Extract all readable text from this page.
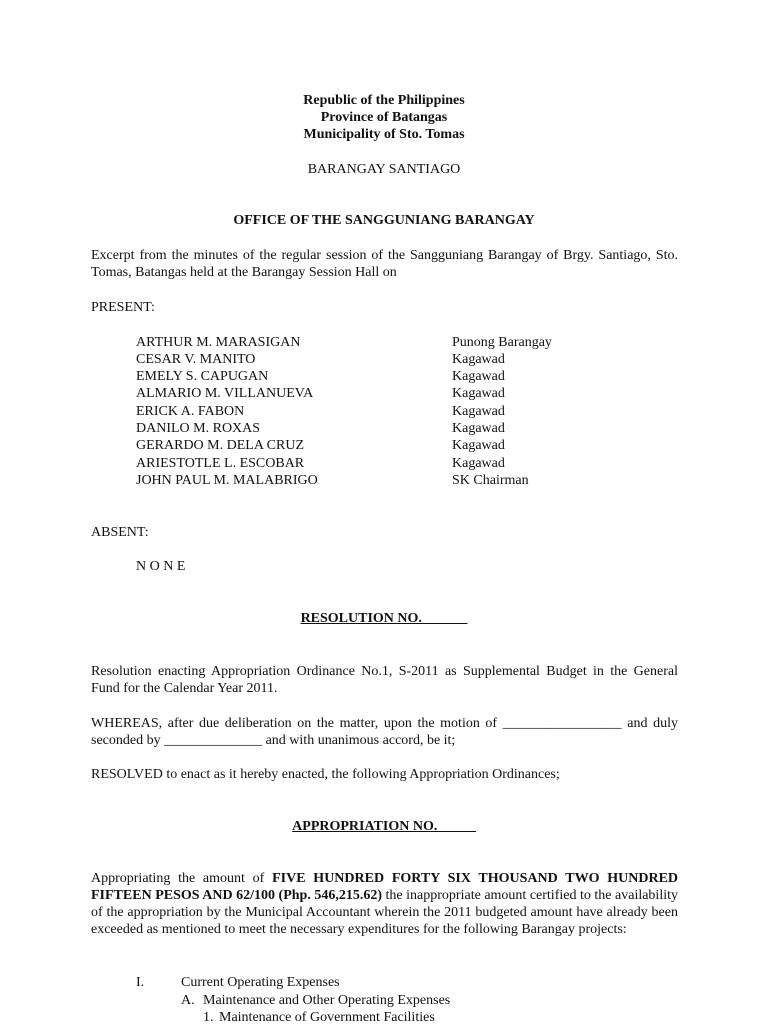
Republic of the Philippines
Province of Batangas
Municipality of Sto. Tomas
BARANGAY SANTIAGO
OFFICE OF THE SANGGUNIANG BARANGAY
Excerpt from the minutes of the regular session of the Sangguniang Barangay of Brgy. Santiago, Sto. Tomas, Batangas held at the Barangay Session Hall on
PRESENT:
ARTHUR M. MARASIGAN	Punong Barangay
CESAR V. MANITO	Kagawad
EMELY S. CAPUGAN	Kagawad
ALMARIO M. VILLANUEVA	Kagawad
ERICK A. FABON	Kagawad
DANILO M. ROXAS	Kagawad
GERARDO M. DELA CRUZ	Kagawad
ARIESTOTLE L. ESCOBAR	Kagawad
JOHN PAUL M. MALABRIGO	SK Chairman
ABSENT:
N O N E
RESOLUTION NO. ______
Resolution enacting Appropriation Ordinance No.1, S-2011 as Supplemental Budget in the General Fund for the Calendar Year 2011.
WHEREAS, after due deliberation on the matter, upon the motion of _________________ and duly seconded by ______________ and with unanimous accord, be it;
RESOLVED to enact as it hereby enacted, the following Appropriation Ordinances;
APPROPRIATION NO. _____
Appropriating the amount of FIVE HUNDRED FORTY SIX THOUSAND TWO HUNDRED FIFTEEN PESOS AND 62/100 (Php. 546,215.62) the inappropriate amount certified to the availability of the appropriation by the Municipal Accountant wherein the 2011 budgeted amount have already been exceeded as mentioned to meet the necessary expenditures for the following Barangay projects:
I.	Current Operating Expenses
A. Maintenance and Other Operating Expenses
1. Maintenance of Government Facilities
